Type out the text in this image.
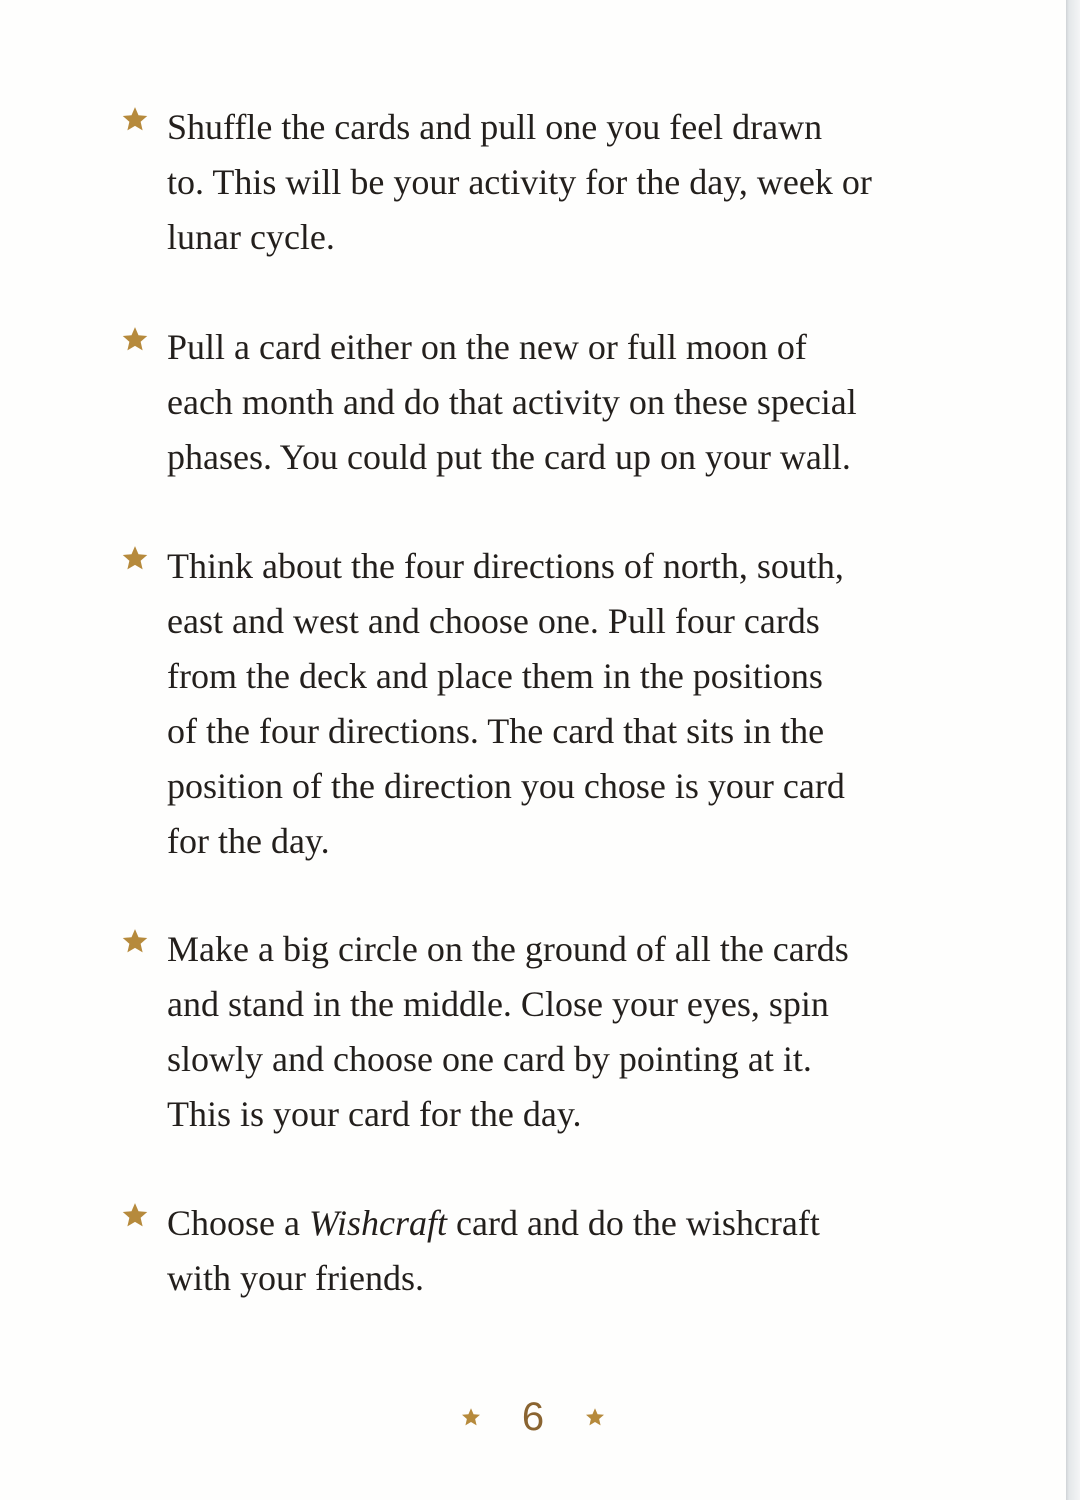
Shuffle the cards and pull one you feel drawn
to. This will be your activity for the day, week or
lunar cycle.
Pull a card either on the new or full moon of
each month and do that activity on these special
phases. You could put the card up on your wall.
Think about the four directions of north, south,
east and west and choose one. Pull four cards
from the deck and place them in the positions
of the four directions. The card that sits in the
position of the direction you chose is your card
for the day.
Make a big circle on the ground of all the cards
and stand in the middle. Close your eyes, spin
slowly and choose one card by pointing at it.
This is your card for the day.
Choose a Wishcraft card and do the wishcraft
with your friends.
6
